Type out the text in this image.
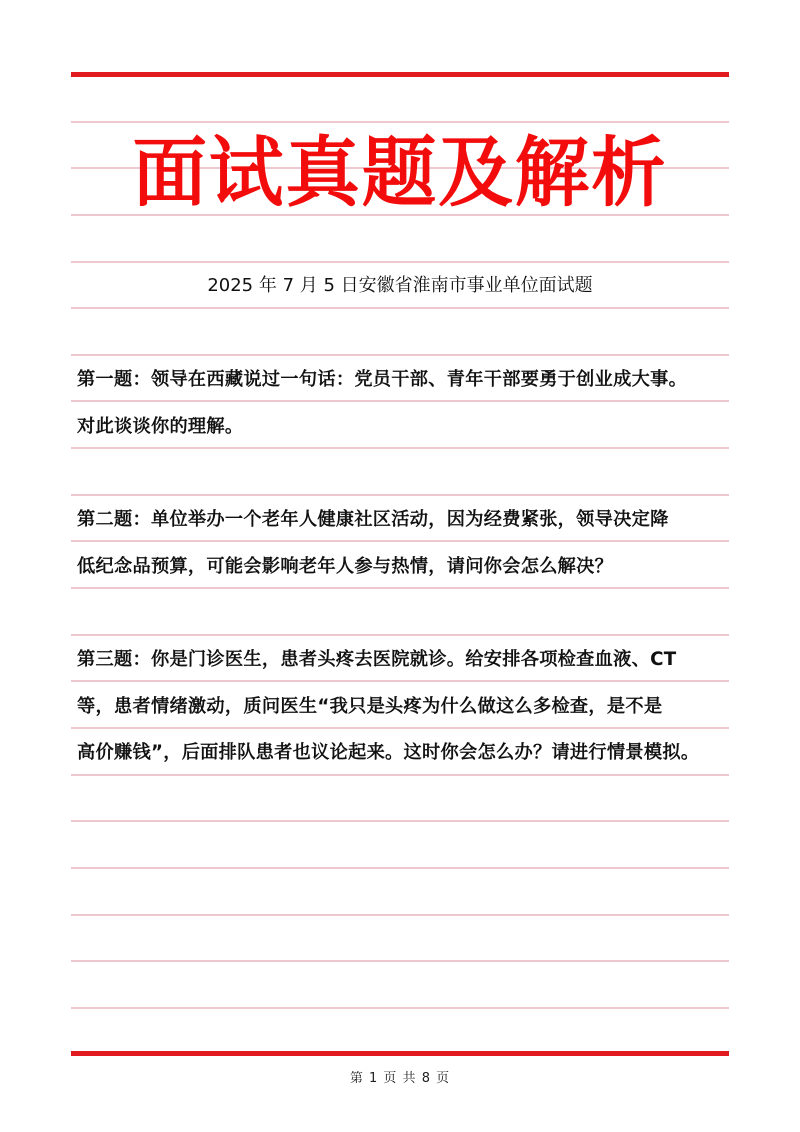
面试真题及解析
2025 年 7 月 5 日安徽省淮南市事业单位面试题
第一题：领导在西藏说过一句话：党员干部、青年干部要勇于创业成大事。
对此谈谈你的理解。
第二题：单位举办一个老年人健康社区活动，因为经费紧张，领导决定降
低纪念品预算，可能会影响老年人参与热情，请问你会怎么解决？
第三题：你是门诊医生，患者头疼去医院就诊。给安排各项检查血液、CT
等，患者情绪激动，质问医生“我只是头疼为什么做这么多检查，是不是
高价赚钱”，后面排队患者也议论起来。这时你会怎么办？请进行情景模拟。
第 1 页 共 8 页
